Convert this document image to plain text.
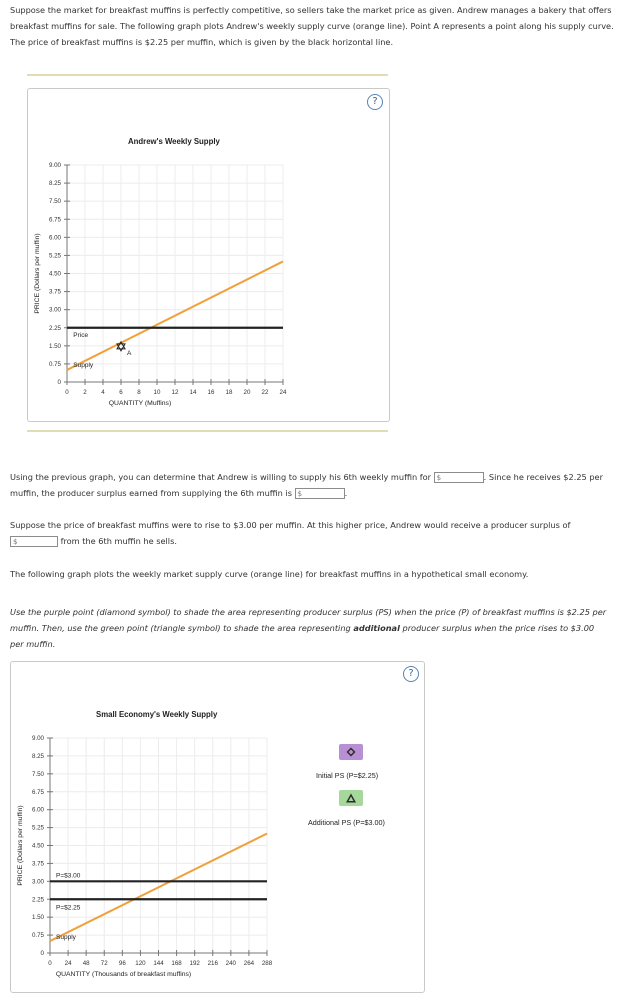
Suppose the market for breakfast muffins is perfectly competitive, so sellers take the market price as given. Andrew manages a bakery that offers breakfast muffins for sale. The following graph plots Andrew's weekly supply curve (orange line). Point A represents a point along his supply curve. The price of breakfast muffins is $2.25 per muffin, which is given by the black horizontal line.
?
Andrew's Weekly Supply
0 2 4 6 8 10 12 14 16 18 20 22 24
0
0.75
1.50
2.25
3.00
3.75
4.50
5.25
6.00
6.75
7.50
8.25
9.00
QUANTITY (Muffins)
PRICE (Dollars per muffin)
Price
Supply
A
Using the previous graph, you can determine that Andrew is willing to supply his 6th weekly muffin for $	. Since he receives $2.25 per muffin, the producer surplus earned from supplying the 6th muffin is $	.
Suppose the price of breakfast muffins were to rise to $3.00 per muffin. At this higher price, Andrew would receive a producer surplus of $	from the 6th muffin he sells.
The following graph plots the weekly market supply curve (orange line) for breakfast muffins in a hypothetical small economy.
Use the purple point (diamond symbol) to shade the area representing producer surplus (PS) when the price (P) of breakfast muffins is $2.25 per muffin. Then, use the green point (triangle symbol) to shade the area representing additional producer surplus when the price rises to $3.00 per muffin.
?
Small Economy's Weekly Supply
0 24 48 72 96 120 144 168 192 216 240 264 288
0
0.75
1.50
2.25
3.00
3.75
4.50
5.25
6.00
6.75
7.50
8.25
9.00
QUANTITY (Thousands of breakfast muffins)
PRICE (Dollars per muffin)	P=$3.00
P=$2.25
Supply
Initial PS (P=$2.25)
Additional PS (P=$3.00)
